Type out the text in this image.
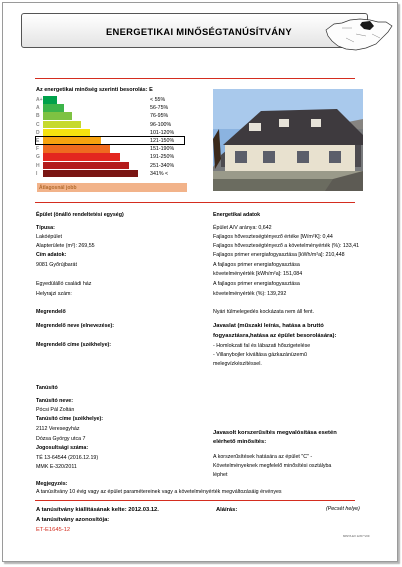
ENERGETIKAI MINŐSÉGTANÚSÍTVÁNY
Az energetikai minőség szerinti besorolás: E
A+	< 55%
A	56-75%
B	76-95%
C	96-100%
D	101-120%
E	121-150%
F	151-190%
G	191-250%
H	251-340%
I	341% <
Átlagosnál jobb
Épület (önálló rendeltetési egység)
Típusa:
Lakóépület
Alapterülete (m²): 269,55
Cím adatok:
9081 Győrújbarát
Egyedülálló családi ház
Helyrajzi szám:
Energetikai adatok
Épület A/V aránya: 0,642
Fajlagos hőveszteségtényező értéke [W/m²K]: 0,44
Fajlagos hőveszteségtényező a követelményérték (%): 133,41
Fajlagos primer energiafogyasztása [kWh/m²a]: 210,448
A fajlagos primer energiafogyasztása
követelményérték [kWh/m²a]: 151,084
A fajlagos primer energiafogyasztása
követelményérték (%): 139,292
Megrendelő
Megrendelő neve (elnevezése):
Megrendelő címe (székhelye):
Nyári túlmelegedés kockázata nem áll fent.
Javaslat (műszaki leírás, hatása a bruttó
fogyasztásra,hatása az épület besorolására):
- Homlokzati fal és lábazati hőszigetelése
- Villanybojler kiváltása gázkazánüzemű
melegvízkészítéssel.
Tanúsító
Tanúsító neve:
Pócsi Pál Zoltán
Tanúsító címe (székhelye):
2112 Veresegyház
Dózsa György utca 7
Jogosultsági száma:
TÉ 13-64544 (2016.12.19)
MMK E-320/2011
Javasolt korszerűsítés megvalósítása esetén
elérhető minősítés:
A korszerűsítések hatására az épület "C" -
Követelményeknek megfelelő minősítési osztályba
léphet
Megjegyzés:
A tanúsítvány 10 évig vagy az épület paramétereinek vagy a követelményérték megváltozásáig érvényes
A tanúsítvány kiállításának kelte: 2012.03.12.
A tanúsítvány azonosítója:
ET-E1645-12
Aláírás:	(Pecsét helye)
MINTA EX 12/07 V09
